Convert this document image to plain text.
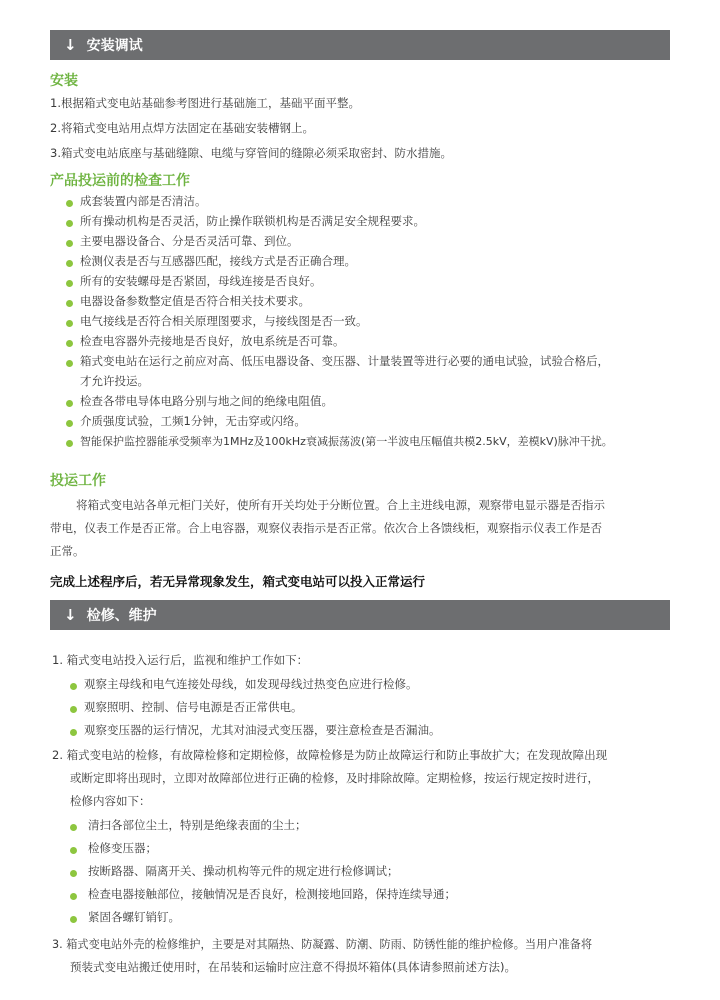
↓ 安装调试
安装
1.根据箱式变电站基础参考图进行基础施工，基础平面平整。
2.将箱式变电站用点焊方法固定在基础安装槽钢上。
3.箱式变电站底座与基础缝隙、电缆与穿管间的缝隙必须采取密封、防水措施。
产品投运前的检查工作
成套装置内部是否清洁。
所有操动机构是否灵活，防止操作联锁机构是否满足安全规程要求。
主要电器设备合、分是否灵活可靠、到位。
检测仪表是否与互感器匹配，接线方式是否正确合理。
所有的安装螺母是否紧固，母线连接是否良好。
电器设备参数整定值是否符合相关技术要求。
电气接线是否符合相关原理图要求，与接线图是否一致。
检查电容器外壳接地是否良好，放电系统是否可靠。
箱式变电站在运行之前应对高、低压电器设备、变压器、计量装置等进行必要的通电试验，试验合格后，
才允许投运。
检查各带电导体电路分别与地之间的绝缘电阻值。
介质强度试验，工频1分钟，无击穿或闪络。
智能保护监控器能承受频率为1MHz及100kHz衰减振荡波(第一半波电压幅值共模2.5kV，差模kV)脉冲干扰。
投运工作
将箱式变电站各单元柜门关好，使所有开关均处于分断位置。合上主进线电源，观察带电显示器是否指示
带电，仪表工作是否正常。合上电容器，观察仪表指示是否正常。依次合上各馈线柜，观察指示仪表工作是否
正常。
完成上述程序后，若无异常现象发生，箱式变电站可以投入正常运行
↓ 检修、维护
1. 箱式变电站投入运行后，监视和维护工作如下：
观察主母线和电气连接处母线，如发现母线过热变色应进行检修。
观察照明、控制、信号电源是否正常供电。
观察变压器的运行情况，尤其对油浸式变压器，要注意检查是否漏油。
2. 箱式变电站的检修，有故障检修和定期检修，故障检修是为防止故障运行和防止事故扩大；在发现故障出现
或断定即将出现时，立即对故障部位进行正确的检修，及时排除故障。定期检修，按运行规定按时进行，
检修内容如下：
清扫各部位尘土，特别是绝缘表面的尘土；
检修变压器；
按断路器、隔离开关、操动机构等元件的规定进行检修调试；
检查电器接触部位，接触情况是否良好，检测接地回路，保持连续导通；
紧固各螺钉销钉。
3. 箱式变电站外壳的检修维护，主要是对其隔热、防凝露、防潮、防雨、防锈性能的维护检修。当用户准备将
预装式变电站搬迁使用时，在吊装和运输时应注意不得损坏箱体(具体请参照前述方法)。
